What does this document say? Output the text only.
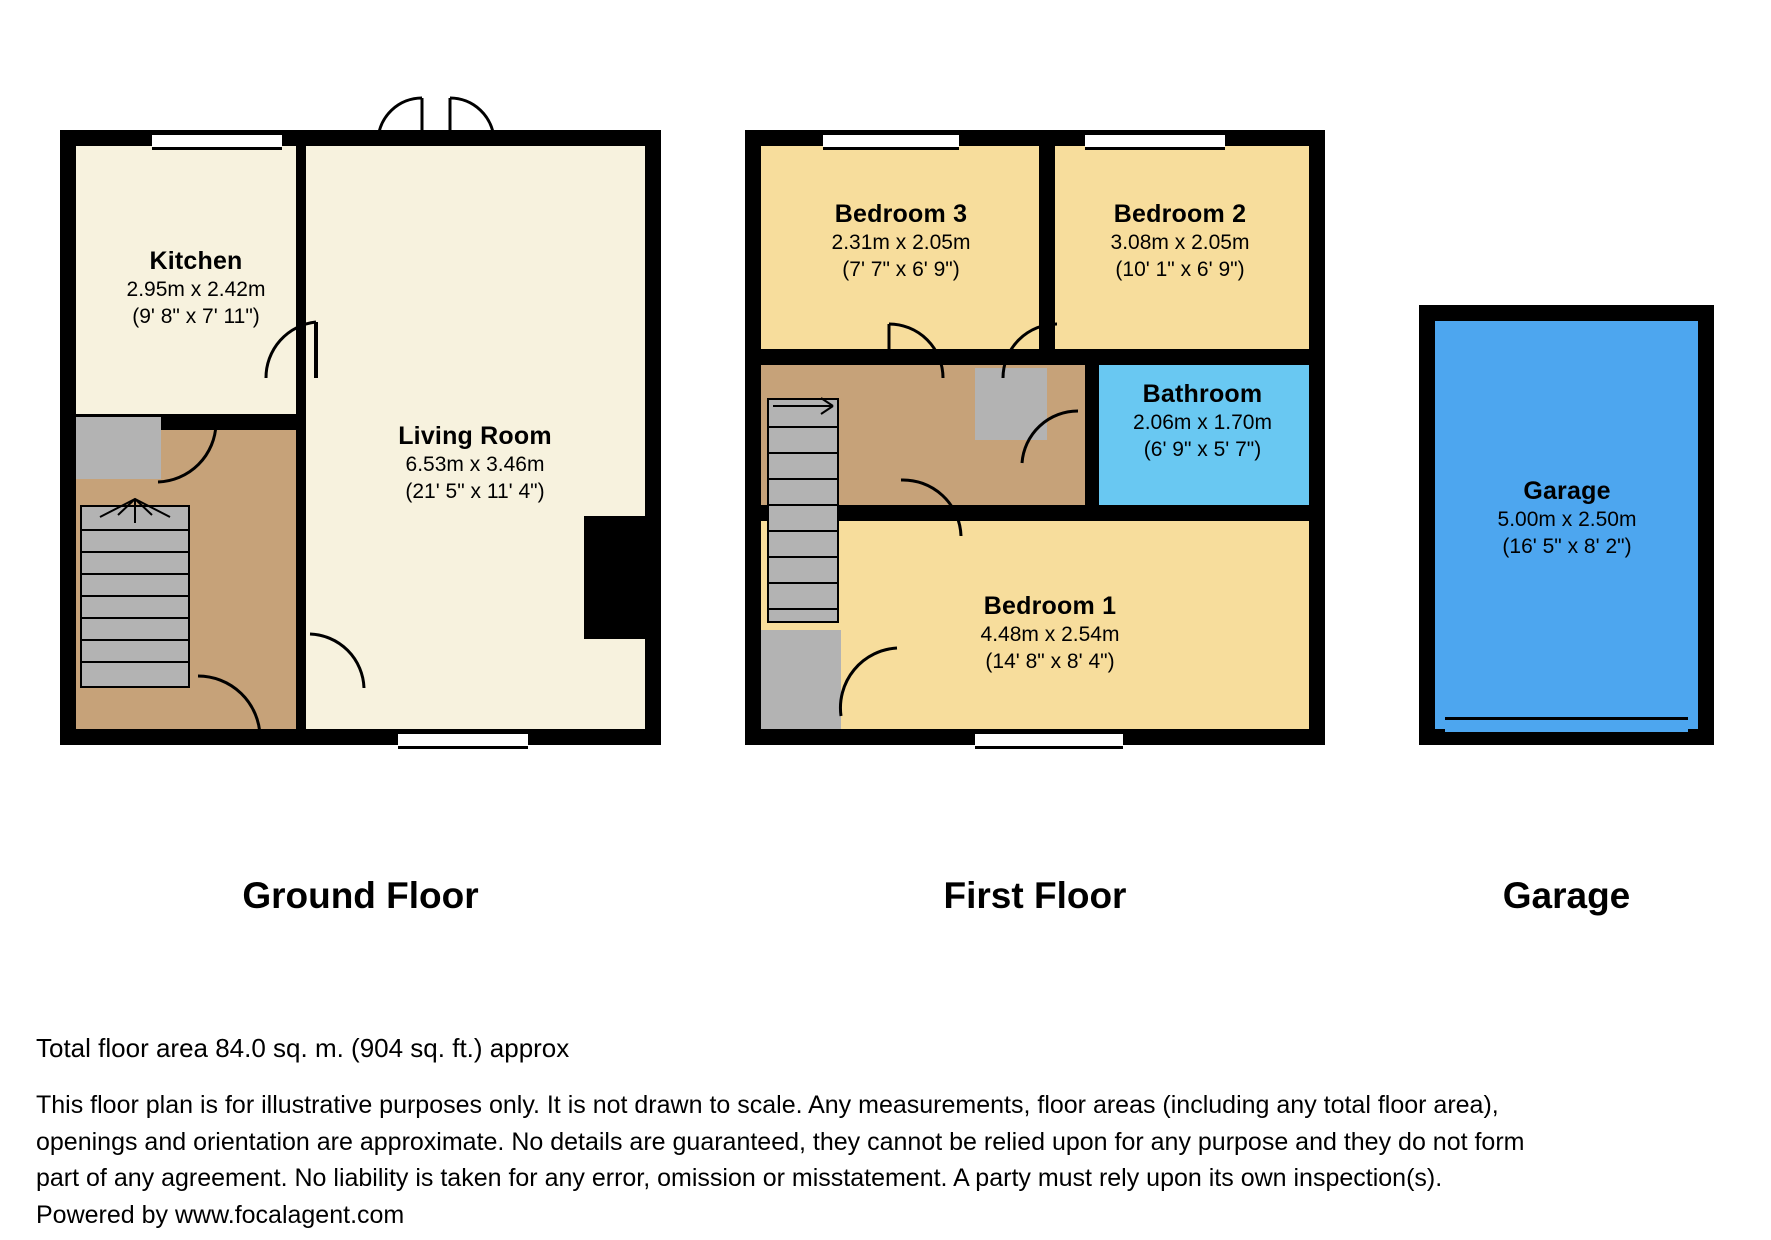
Kitchen
2.95m x 2.42m
(9' 8" x 7' 11")
Living Room
6.53m x 3.46m
(21' 5" x 11' 4")
Ground Floor
Bedroom 3
2.31m x 2.05m
(7' 7" x 6' 9")
Bedroom 2
3.08m x 2.05m
(10' 1" x 6' 9")
Bathroom
2.06m x 1.70m
(6' 9" x 5' 7")
Bedroom 1
4.48m x 2.54m
(14' 8" x 8' 4")
First Floor
Garage
5.00m x 2.50m
(16' 5" x 8' 2")
Garage
Total floor area 84.0 sq. m. (904 sq. ft.) approx
This floor plan is for illustrative purposes only. It is not drawn to scale. Any measurements, floor areas (including any total floor area), openings and orientation are approximate. No details are guaranteed, they cannot be relied upon for any purpose and they do not form part of any agreement. No liability is taken for any error, omission or misstatement. A party must rely upon its own inspection(s).
Powered by www.focalagent.com
